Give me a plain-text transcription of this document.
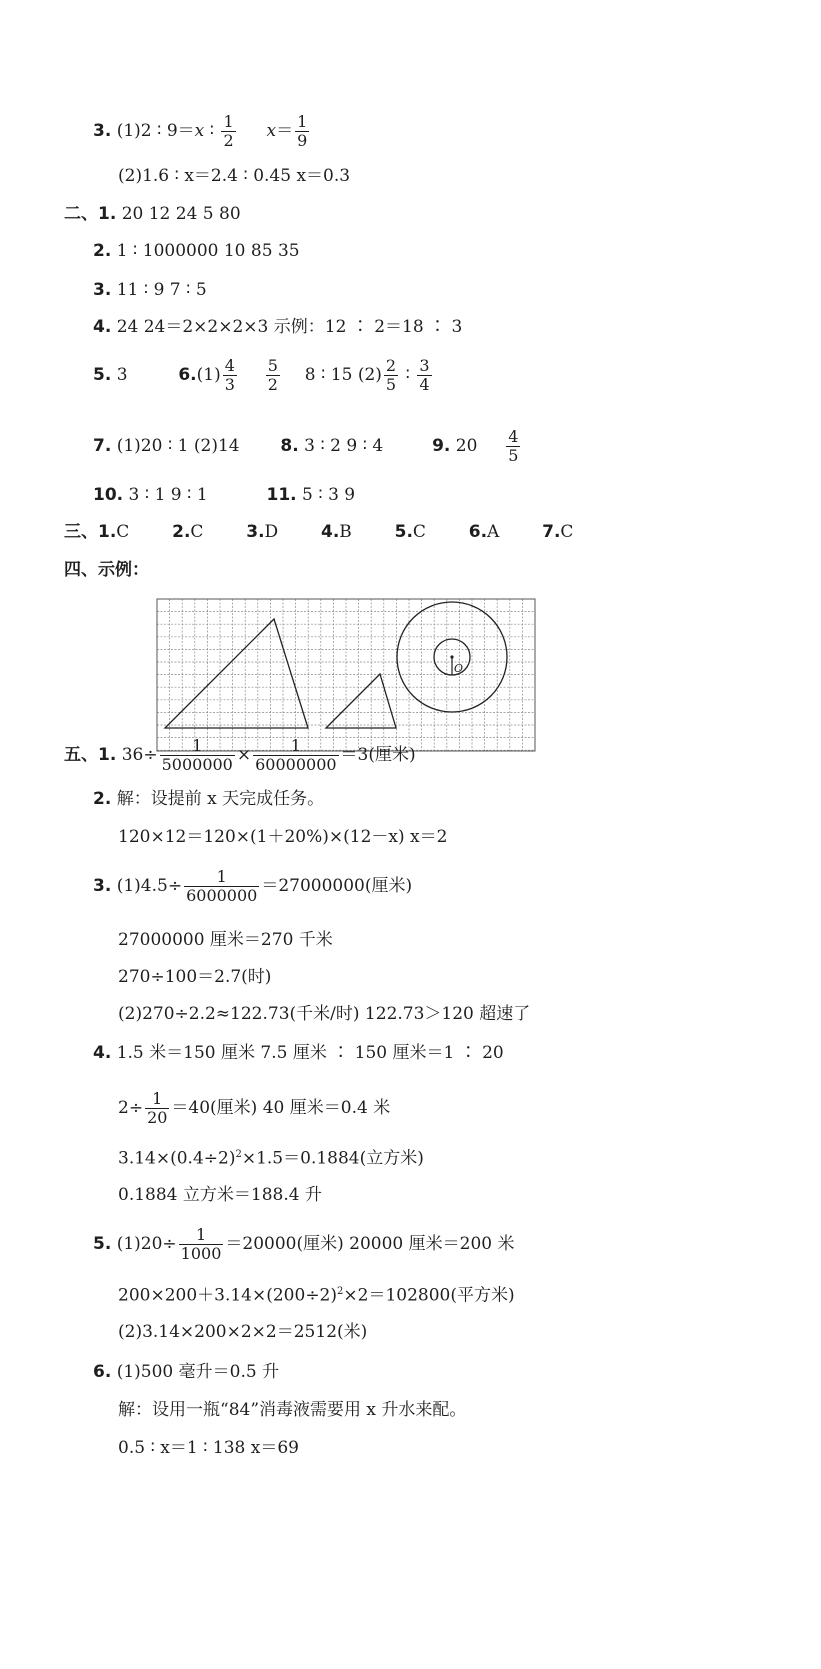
3. (1)2 ∶ 9＝x ∶ $\frac{1}{2} x= \frac{1}{9}$
(2)1.6 ∶ x＝2.4 ∶ 0.45 x＝0.3
二、1. 20 12 24 5 80
2. 1 ∶ 1000000 10 85 35
3. 11 ∶ 9 7 ∶ 5
4. 24 24＝2×2×2×3 示例：12 ∶ 2＝18 ∶ 3
5. 3	$6.(1) \frac{4}{3}$
$\frac{5}{2} 8$ ∶ 15 $(2) \frac{2}{5}$ ∶ $\frac{3}{4}$
7. (1)20 ∶ 1 (2)14 8. 3 ∶ 2 9 ∶ 4	9. $20 \frac{4}{5}$
10. 3 ∶ 1 9 ∶ 1	11. 5 ∶ 3 9
三、1.C	2.C	3.D	4.B	5.C	6.A	7.C
四、示例：
O
五、1. $36\div \frac{1}{5000000} \times \frac{1}{60000000} =3$(厘米)
2. 解：设提前 x 天完成任务。
120×12＝120×(1＋20%)×(12－x) x＝2
3. $(1)4.5\div \frac{1}{6000000} =27000000$(厘米)
27000000 厘米＝270 千米
270÷100＝2.7(时)
(2)270÷2.2≈122.73(千米/时) 122.73＞120 超速了
4. 1.5 米＝150 厘米 7.5 厘米 ∶ 150 厘米＝1 ∶ 20
$2\div \frac{1}{20} =40$(厘米) 40 厘米＝0.4 米
$3.14\times(0.4\div 2)^2\times 1.5=0.1884$(立方米)
0.1884 立方米＝188.4 升
5. $(1)20\div \frac{1}{1000} =20000$(厘米) 20000 厘米＝200 米
$200\times 200+3.14\times(200\div 2)^2\times 2=102800$(平方米)
(2)3.14×200×2×2＝2512(米)
6. (1)500 毫升＝0.5 升
解：设用一瓶“84”消毒液需要用 x 升水来配。
0.5 ∶ x＝1 ∶ 138 x＝69
